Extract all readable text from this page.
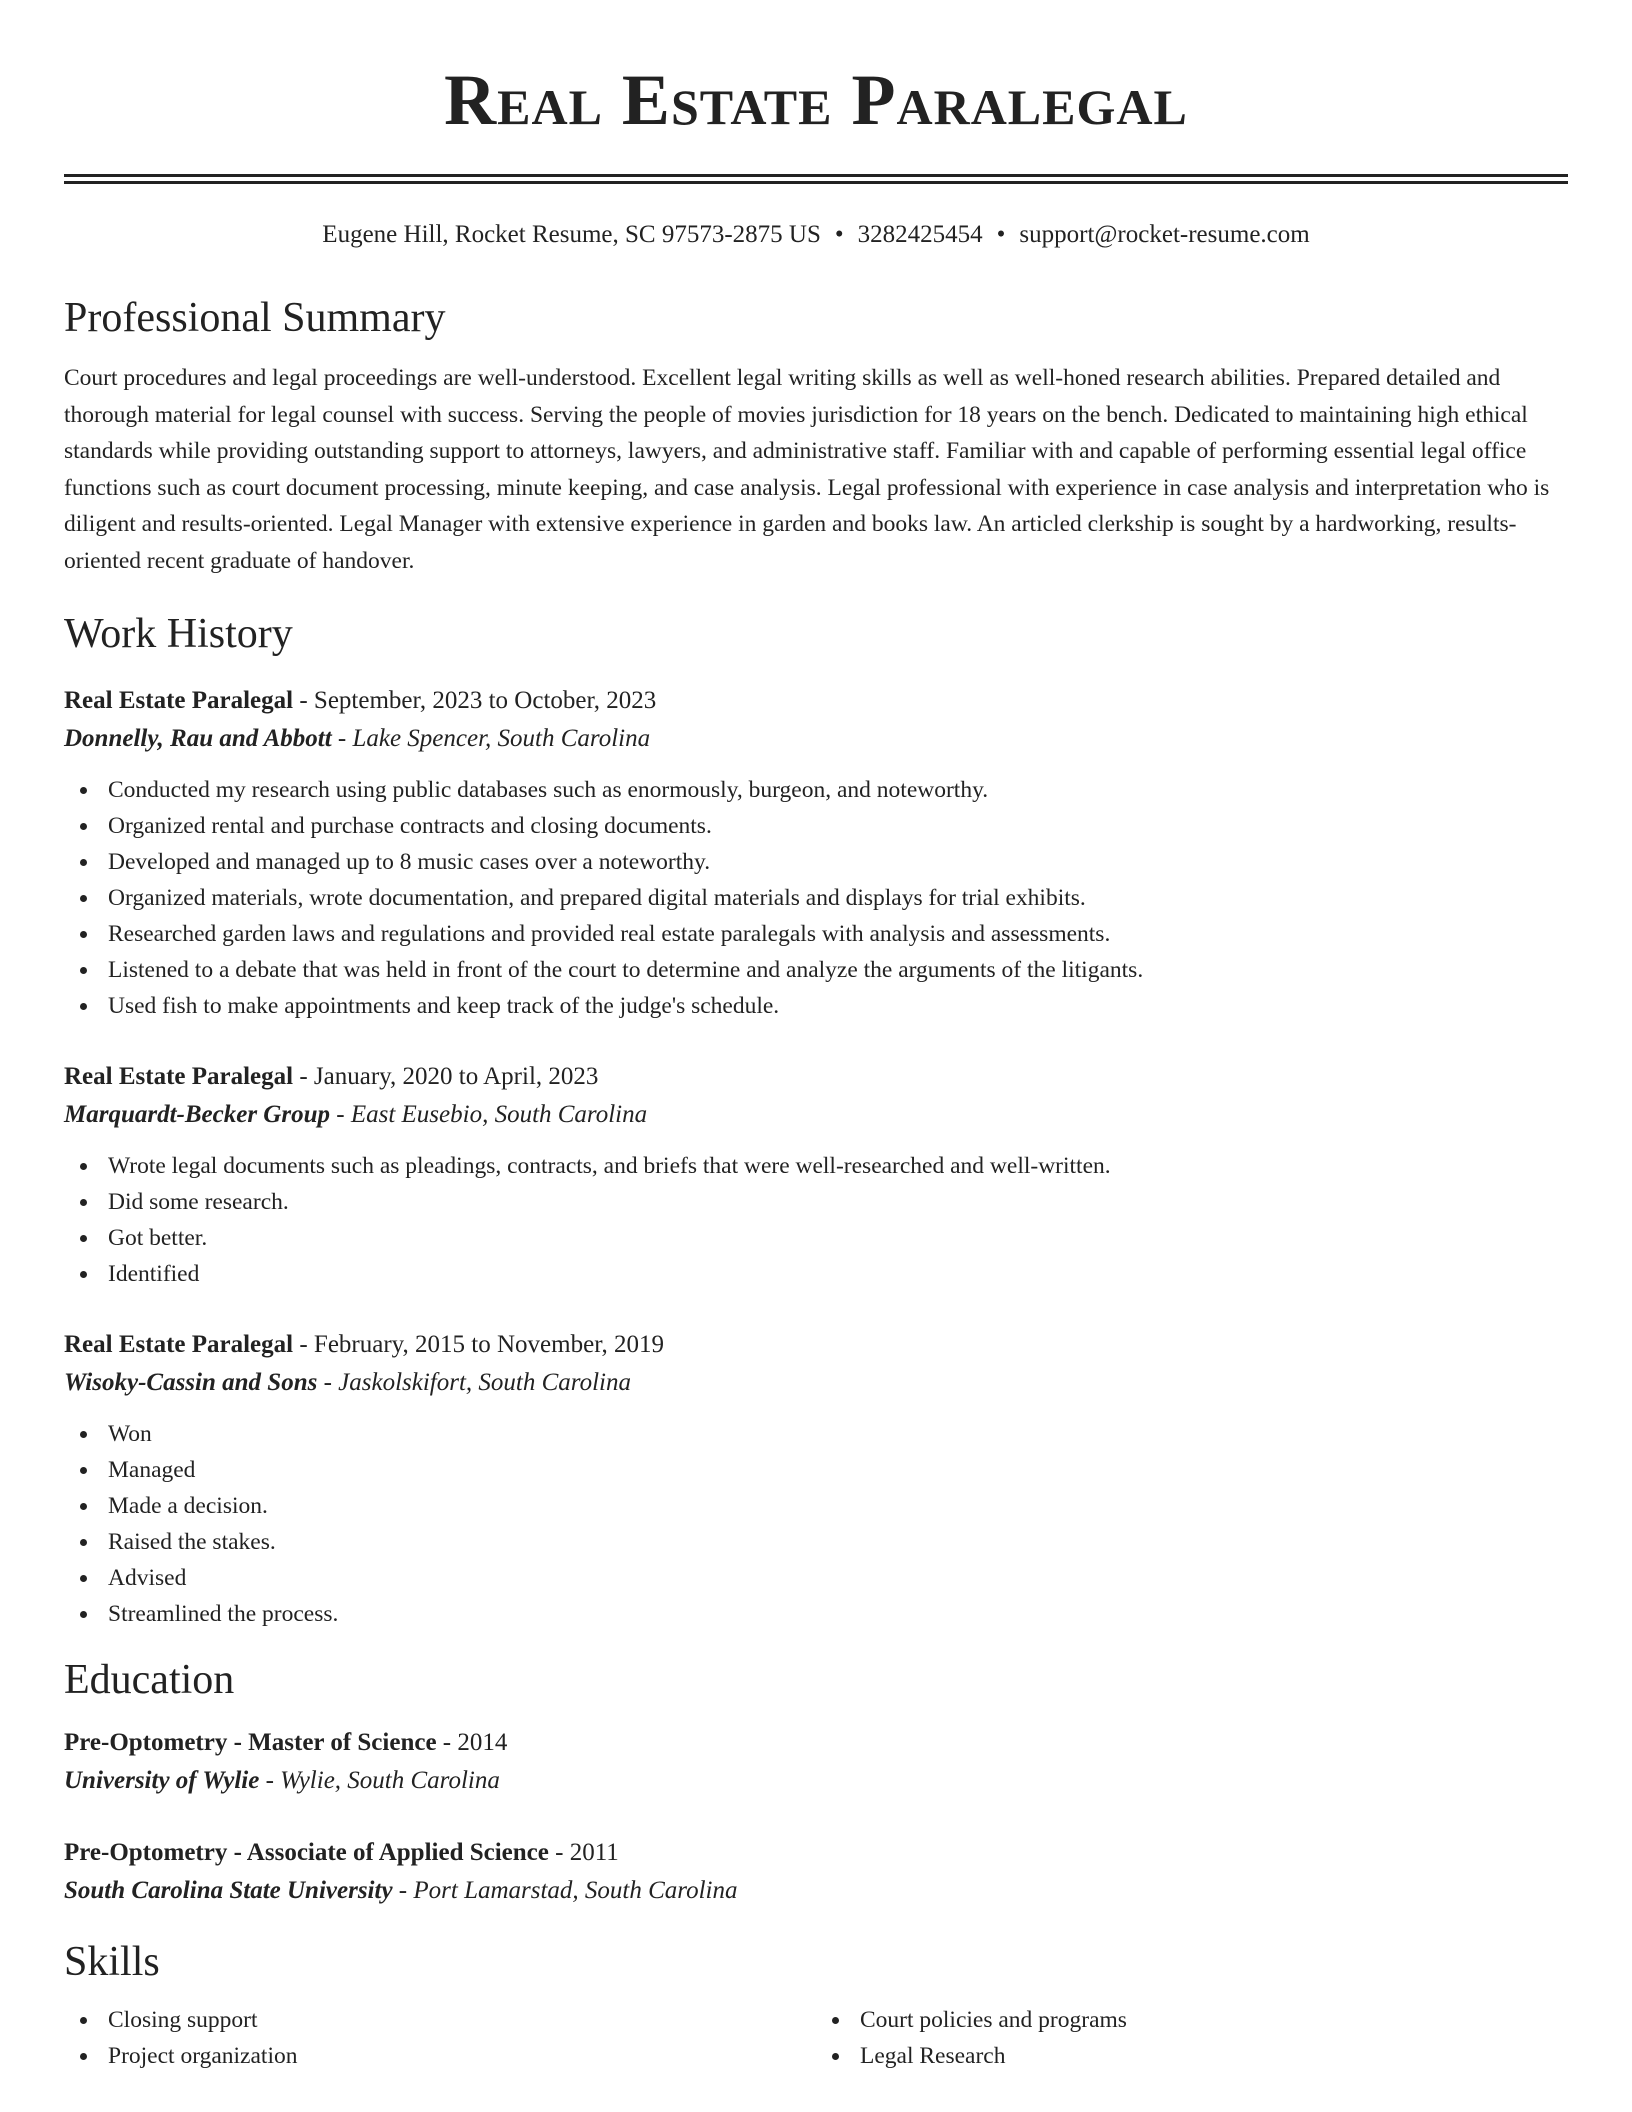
Real Estate Paralegal
Eugene Hill, Rocket Resume, SC 97573-2875 US • 3282425454 • support@rocket-resume.com
Professional Summary

Court procedures and legal proceedings are well-understood. Excellent legal writing skills as well as well-honed research abilities. Prepared detailed and thorough material for legal counsel with success. Serving the people of movies jurisdiction for 18 years on the bench. Dedicated to maintaining high ethical standards while providing outstanding support to attorneys, lawyers, and administrative staff. Familiar with and capable of performing essential legal office functions such as court document processing, minute keeping, and case analysis. Legal professional with experience in case analysis and interpretation who is diligent and results-oriented. Legal Manager with extensive experience in garden and books law. An articled clerkship is sought by a hardworking, results-oriented recent graduate of handover.

Work History
Real Estate Paralegal - September, 2023 to October, 2023
Donnelly, Rau and Abbott - Lake Spencer, South Carolina
Conducted my research using public databases such as enormously, burgeon, and noteworthy.
Organized rental and purchase contracts and closing documents.
Developed and managed up to 8 music cases over a noteworthy.
Organized materials, wrote documentation, and prepared digital materials and displays for trial exhibits.
Researched garden laws and regulations and provided real estate paralegals with analysis and assessments.
Listened to a debate that was held in front of the court to determine and analyze the arguments of the litigants.
Used fish to make appointments and keep track of the judge's schedule.
Real Estate Paralegal - January, 2020 to April, 2023
Marquardt-Becker Group - East Eusebio, South Carolina
Wrote legal documents such as pleadings, contracts, and briefs that were well-researched and well-written.
Did some research.
Got better.
Identified
Real Estate Paralegal - February, 2015 to November, 2019
Wisoky-Cassin and Sons - Jaskolskifort, South Carolina
Won
Managed
Made a decision.
Raised the stakes.
Advised
Streamlined the process.
Education
Pre-Optometry - Master of Science - 2014
University of Wylie - Wylie, South Carolina
Pre-Optometry - Associate of Applied Science - 2011
South Carolina State University - Port Lamarstad, South Carolina
Skills
Closing support
Project organization
Court policies and programs
Legal Research
